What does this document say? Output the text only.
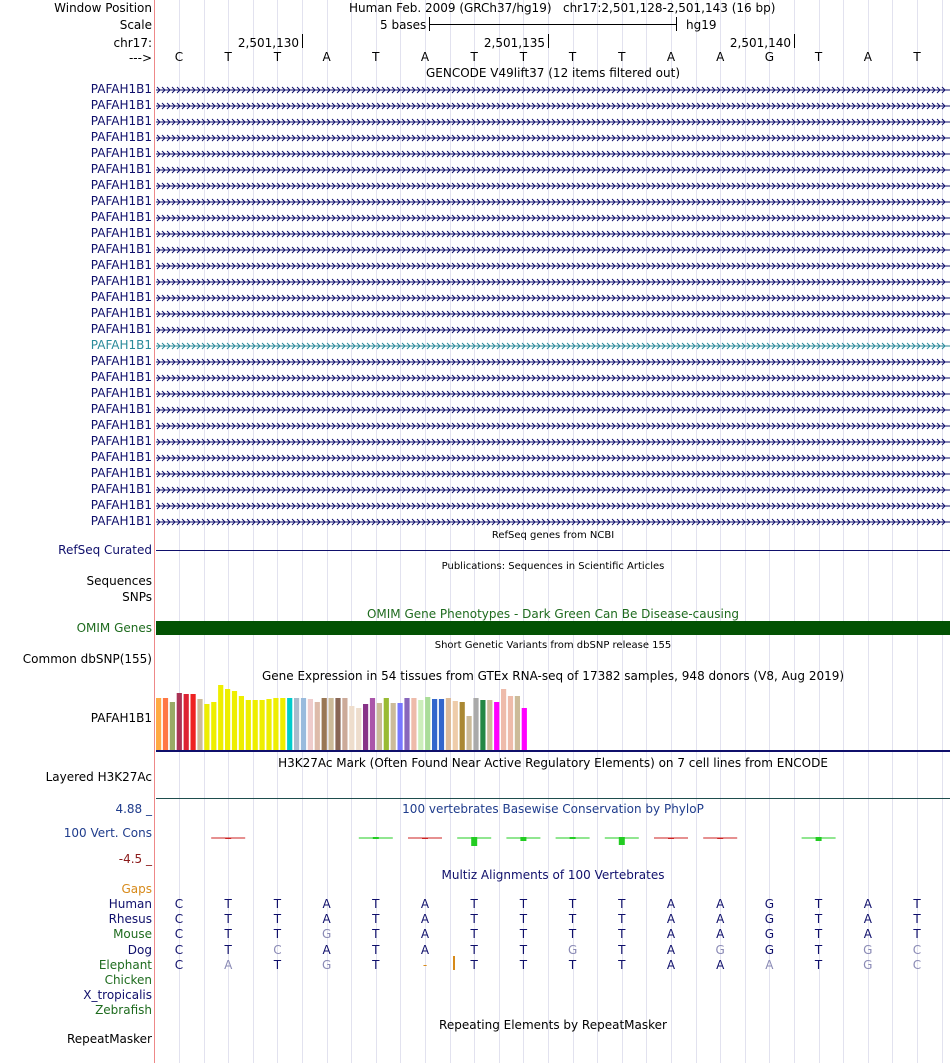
Window Position	Human Feb. 2009 (GRCh37/hg19) chr17:2,501,128-2,501,143 (16 bp)
Scale	5 bases	hg19
chr17:	2,501,130	2,501,135	2,501,140
--->	C	T	T	A	T	A	T	T	T	T	A	A	G	T	A	T
GENCODE V49lift37 (12 items filtered out)
PAFAH1B1
PAFAH1B1
PAFAH1B1
PAFAH1B1
PAFAH1B1
PAFAH1B1
PAFAH1B1
PAFAH1B1
PAFAH1B1
PAFAH1B1
PAFAH1B1
PAFAH1B1
PAFAH1B1
PAFAH1B1
PAFAH1B1
PAFAH1B1
PAFAH1B1
PAFAH1B1
PAFAH1B1
PAFAH1B1
PAFAH1B1
PAFAH1B1
PAFAH1B1
PAFAH1B1
PAFAH1B1
PAFAH1B1
PAFAH1B1
PAFAH1B1
RefSeq genes from NCBI
RefSeq Curated
Publications: Sequences in Scientific Articles
Sequences
SNPs
OMIM Gene Phenotypes - Dark Green Can Be Disease-causing
OMIM Genes
Short Genetic Variants from dbSNP release 155
Common dbSNP(155)
Gene Expression in 54 tissues from GTEx RNA-seq of 17382 samples, 948 donors (V8, Aug 2019)
PAFAH1B1
H3K27Ac Mark (Often Found Near Active Regulatory Elements) on 7 cell lines from ENCODE
Layered H3K27Ac
100 vertebrates Basewise Conservation by PhyloP
4.88 _
100 Vert. Cons
-4.5 _
Multiz Alignments of 100 Vertebrates
Gaps
Human	C	T	T	A	T	A	T	T	T	T	A	A	G	T	A	T
Rhesus	C	T	T	A	T	A	T	T	T	T	A	A	G	T	A	T
Mouse	C	T	T	G	T	A	T	T	T	T	A	A	G	T	A	T
Dog	C	T	C	A	T	A	T	T	G	T	A	G	G	T	G	C
Elephant	C	A	T	G	T	-	T	T	T	T	A	A	A	T	G	C
Chicken
X_tropicalis
Zebrafish
Repeating Elements by RepeatMasker
RepeatMasker
